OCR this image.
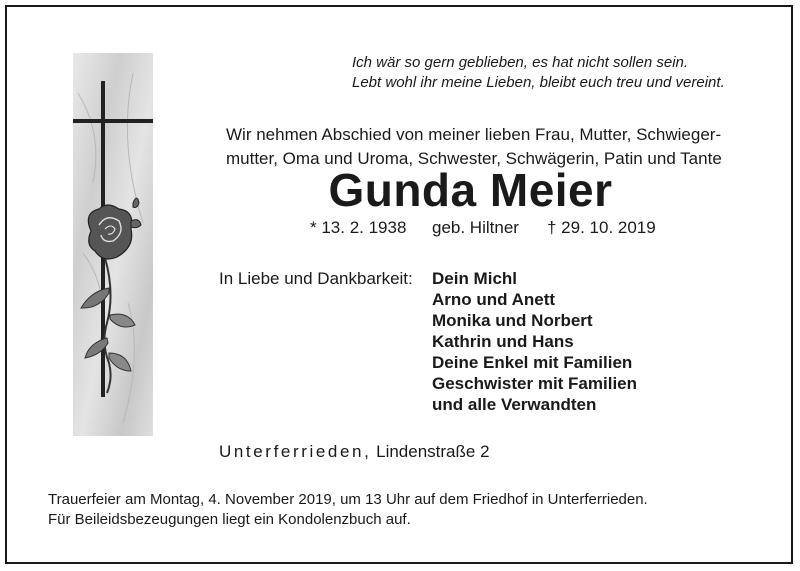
Ich wär so gern geblieben, es hat nicht sollen sein.
Lebt wohl ihr meine Lieben, bleibt euch treu und vereint.
Wir nehmen Abschied von meiner lieben Frau, Mutter, Schwieger-
mutter, Oma und Uroma, Schwester, Schwägerin, Patin und Tante
Gunda Meier
* 13. 2. 1938 geb. Hiltner † 29. 10. 2019
In Liebe und Dankbarkeit: Dein Michl
Arno und Anett
Monika und Norbert
Kathrin und Hans
Deine Enkel mit Familien
Geschwister mit Familien
und alle Verwandten
Unterferrieden, Lindenstraße 2
Trauerfeier am Montag, 4. November 2019, um 13 Uhr auf dem Friedhof in Unterferrieden.
Für Beileidsbezeugungen liegt ein Kondolenzbuch auf.
